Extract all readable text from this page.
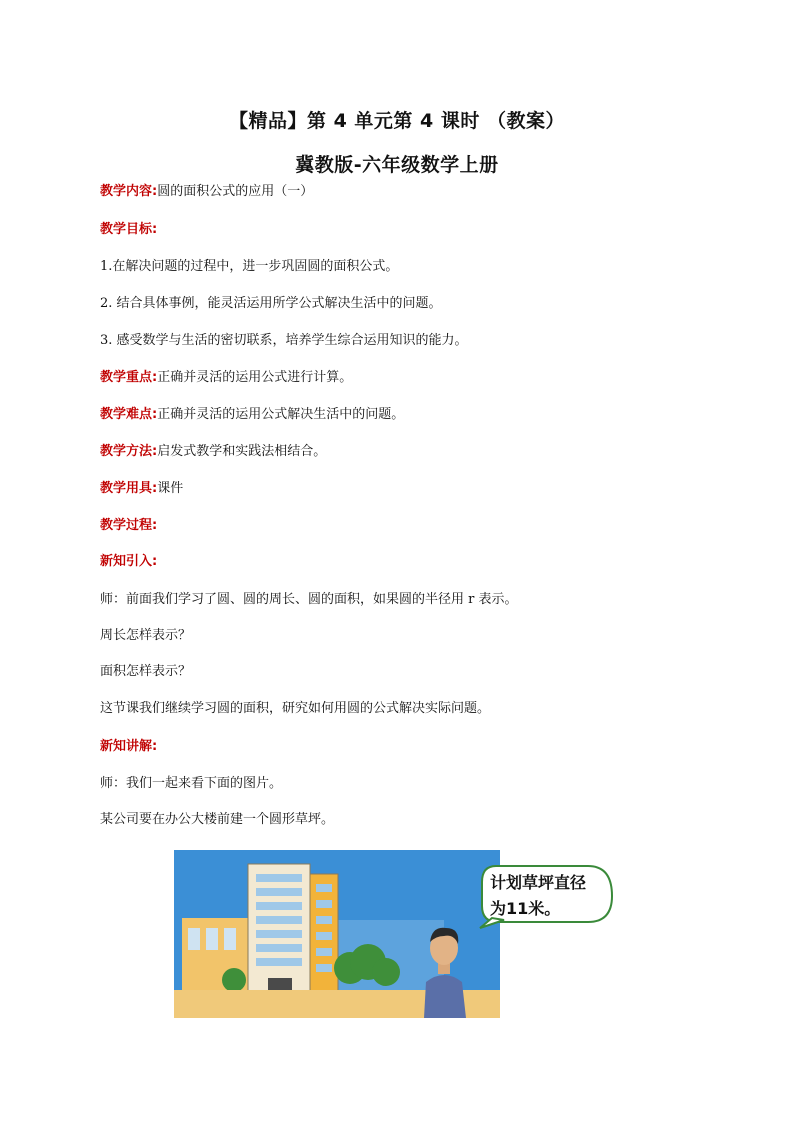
【精品】第 4 单元第 4 课时 （教案）
冀教版-六年级数学上册
教学内容:圆的面积公式的应用（一）
教学目标:
1.在解决问题的过程中，进一步巩固圆的面积公式。
2. 结合具体事例，能灵活运用所学公式解决生活中的问题。
3. 感受数学与生活的密切联系，培养学生综合运用知识的能力。
教学重点:正确并灵活的运用公式进行计算。
教学难点:正确并灵活的运用公式解决生活中的问题。
教学方法:启发式教学和实践法相结合。
教学用具:课件
教学过程:
新知引入:
师：前面我们学习了圆、圆的周长、圆的面积，如果圆的半径用 r 表示。
周长怎样表示？
面积怎样表示？
这节课我们继续学习圆的面积，研究如何用圆的公式解决实际问题。
新知讲解:
师：我们一起来看下面的图片。
某公司要在办公大楼前建一个圆形草坪。
计划草坪直径
为11米。
